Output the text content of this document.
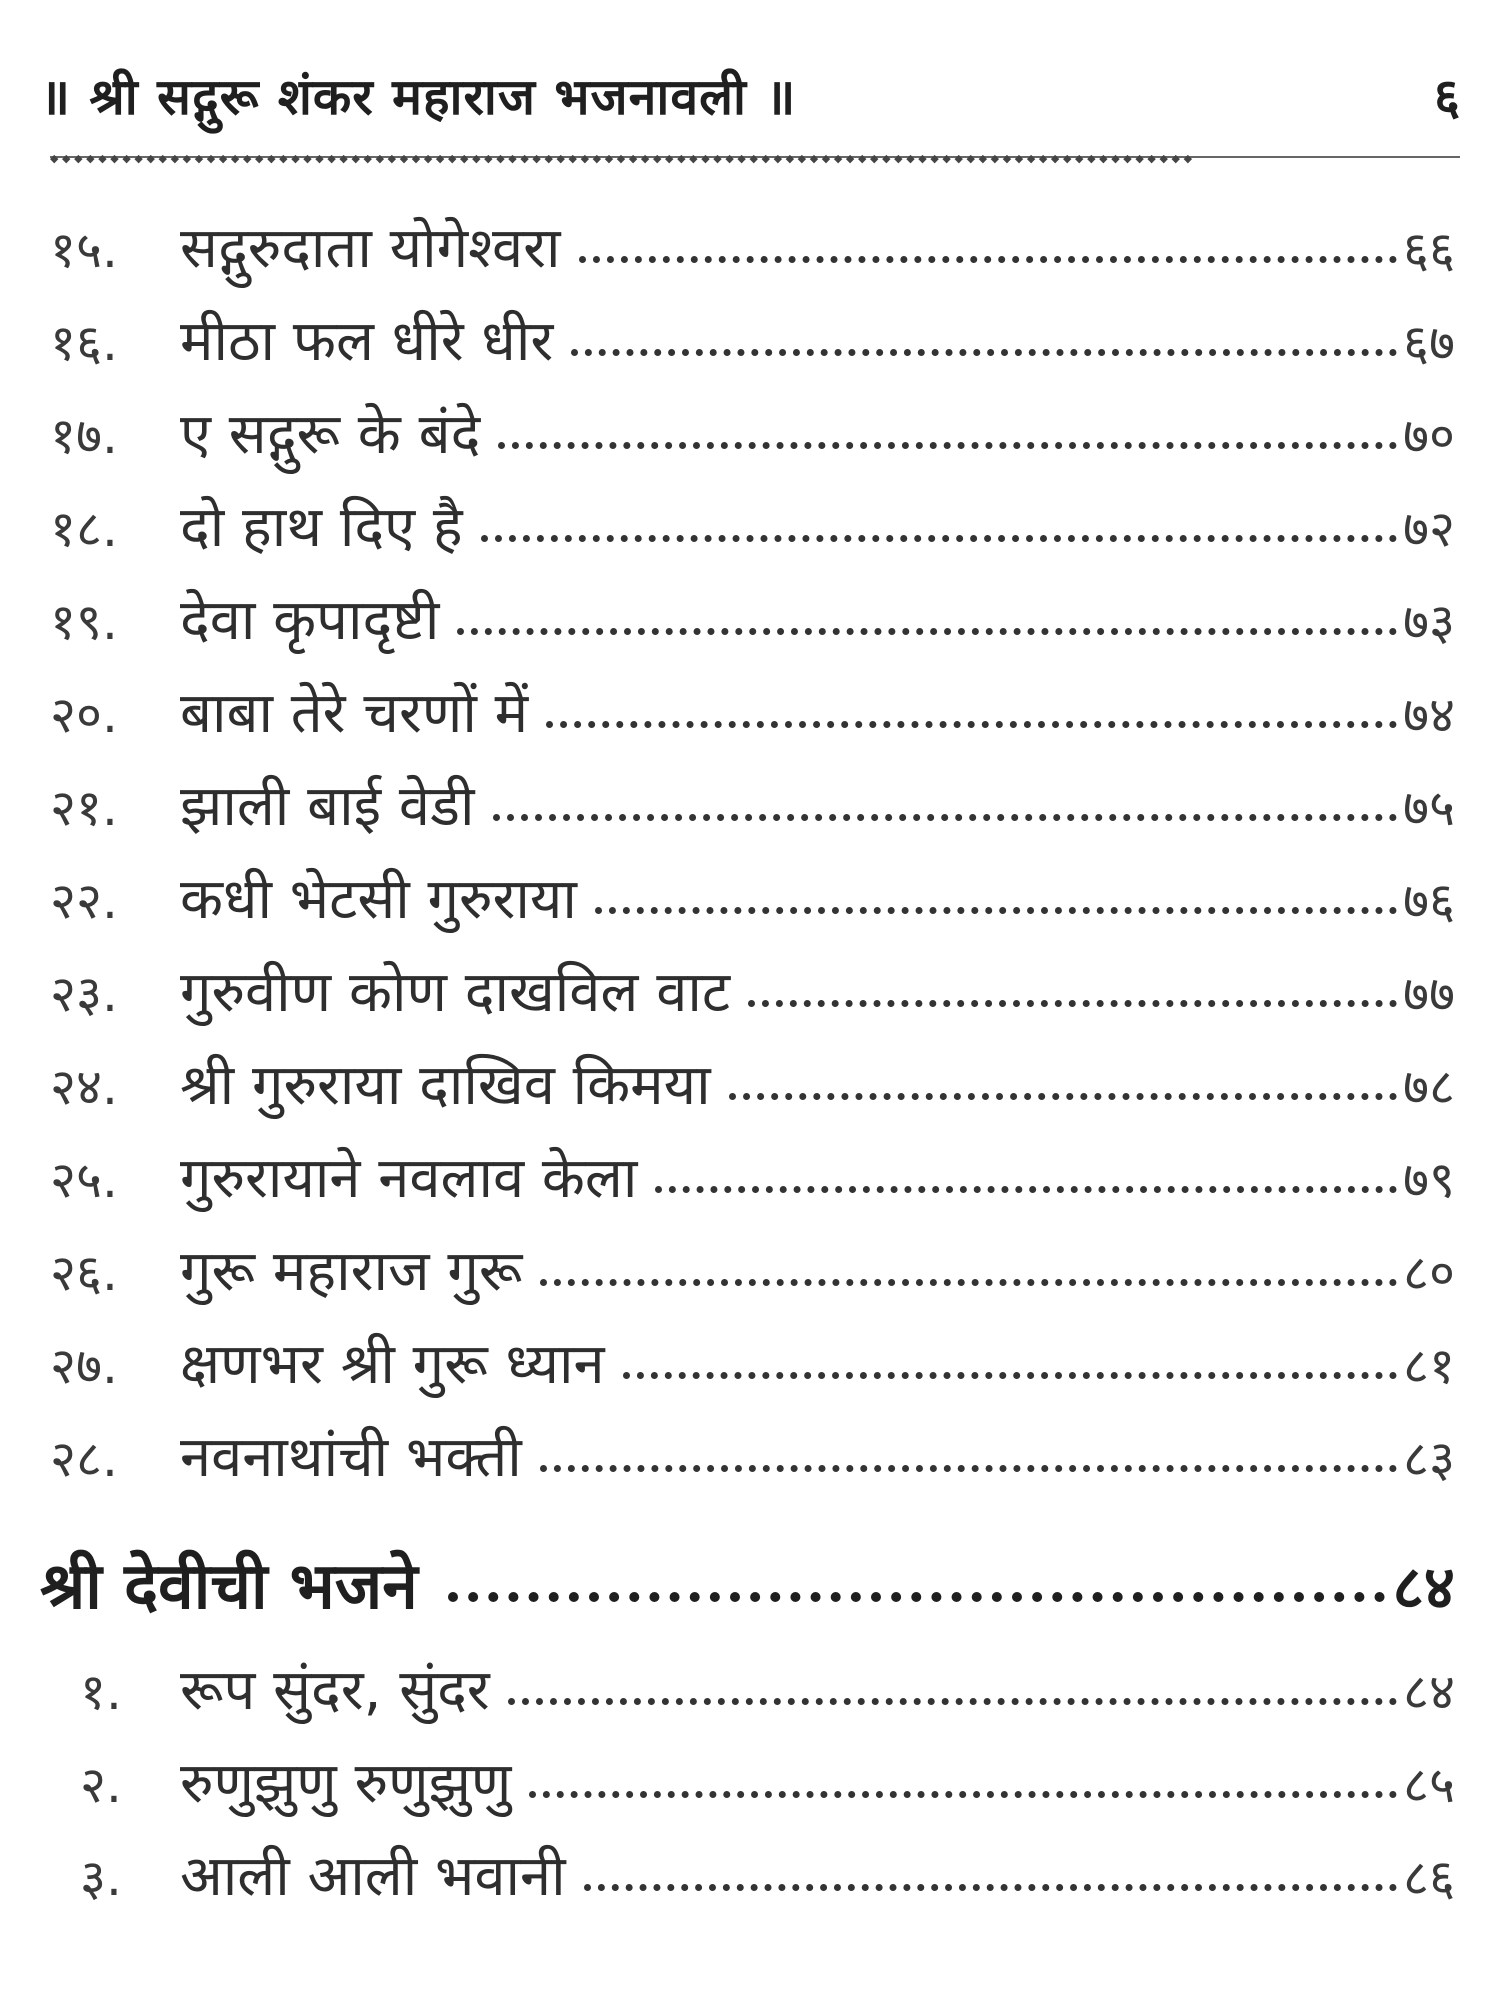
॥ श्री सद्गुरू शंकर महाराज भजनावली ॥	६
◆◆◆◆◆◆◆◆◆◆◆◆◆◆◆◆◆◆◆◆◆◆◆◆◆◆◆◆◆◆◆◆◆◆◆◆◆◆◆◆◆◆◆◆◆◆◆◆◆◆◆◆◆◆◆◆◆◆◆◆◆◆◆◆◆◆◆◆◆◆◆◆◆◆◆◆◆◆◆◆◆◆◆◆◆◆◆◆◆◆◆◆◆◆◆
१५.	सद्गुरुदाता योगेश्वरा	६६
१६.	मीठा फल धीरे धीर	६७
१७.	ए सद्गुरू के बंदे	७०
१८.	दो हाथ दिए है	७२
१९.	देवा कृपादृष्टी	७३
२०.	बाबा तेरे चरणों में	७४
२१.	झाली बाई वेडी	७५
२२.	कधी भेटसी गुरुराया	७६
२३.	गुरुवीण कोण दाखविल वाट	७७
२४.	श्री गुरुराया दाखिव किमया	७८
२५.	गुरुरायाने नवलाव केला	७९
२६.	गुरू महाराज गुरू	८०
२७.	क्षणभर श्री गुरू ध्यान	८१
२८.	नवनाथांची भक्ती	८३
श्री देवीची भजने	८४
१.	रूप सुंदर, सुंदर	८४
२.	रुणुझुणु रुणुझुणु	८५
३.	आली आली भवानी	८६
